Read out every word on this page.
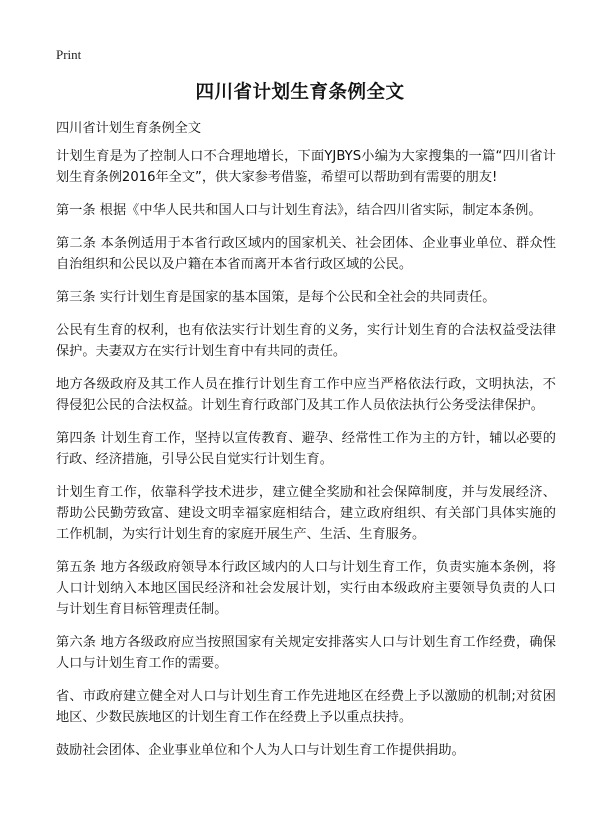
Print
四川省计划生育条例全文
四川省计划生育条例全文

计划生育是为了控制人口不合理地增长，下面YJBYS小编为大家搜集的一篇“四川省计划生育条例2016年全文”，供大家参考借鉴，希望可以帮助到有需要的朋友!

第一条 根据《中华人民共和国人口与计划生育法》，结合四川省实际，制定本条例。

第二条 本条例适用于本省行政区域内的国家机关、社会团体、企业事业单位、群众性自治组织和公民以及户籍在本省而离开本省行政区域的公民。

第三条 实行计划生育是国家的基本国策，是每个公民和全社会的共同责任。

公民有生育的权利，也有依法实行计划生育的义务，实行计划生育的合法权益受法律保护。夫妻双方在实行计划生育中有共同的责任。

地方各级政府及其工作人员在推行计划生育工作中应当严格依法行政，文明执法，不得侵犯公民的合法权益。计划生育行政部门及其工作人员依法执行公务受法律保护。

第四条 计划生育工作，坚持以宣传教育、避孕、经常性工作为主的方针，辅以必要的行政、经济措施，引导公民自觉实行计划生育。

计划生育工作，依靠科学技术进步，建立健全奖励和社会保障制度，并与发展经济、帮助公民勤劳致富、建设文明幸福家庭相结合，建立政府组织、有关部门具体实施的工作机制，为实行计划生育的家庭开展生产、生活、生育服务。

第五条 地方各级政府领导本行政区域内的人口与计划生育工作，负责实施本条例，将人口计划纳入本地区国民经济和社会发展计划，实行由本级政府主要领导负责的人口与计划生育目标管理责任制。

第六条 地方各级政府应当按照国家有关规定安排落实人口与计划生育工作经费，确保人口与计划生育工作的需要。

省、市政府建立健全对人口与计划生育工作先进地区在经费上予以激励的机制;对贫困地区、少数民族地区的计划生育工作在经费上予以重点扶持。

鼓励社会团体、企业事业单位和个人为人口与计划生育工作提供捐助。
